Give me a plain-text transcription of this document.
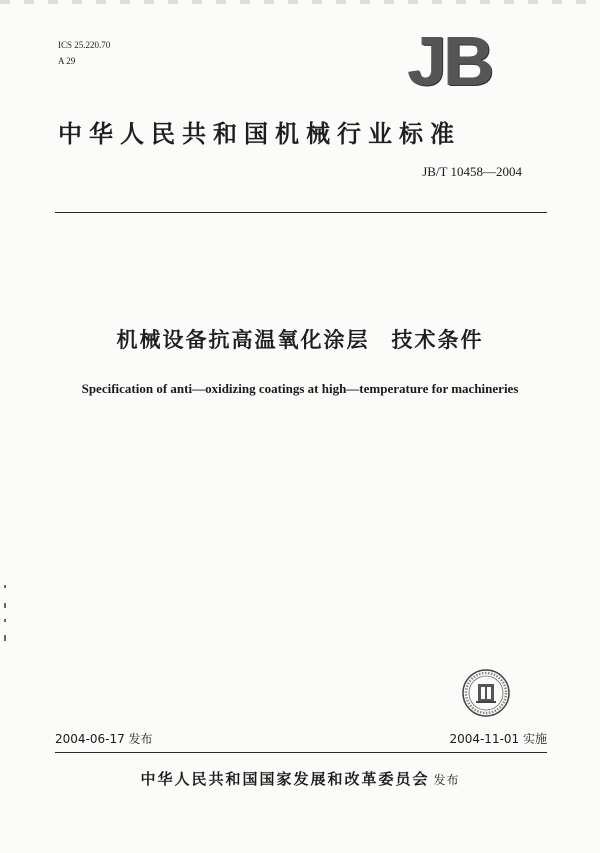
ICS 25.220.70
A 29	JB
中华人民共和国机械行业标准
JB/T 10458—2004
机械设备抗高温氧化涂层 技术条件
Specification of anti—oxidizing coatings at high—temperature for machineries
2004-06-17 发布	2004-11-01 实施
中华人民共和国国家发展和改革委员会 发布
